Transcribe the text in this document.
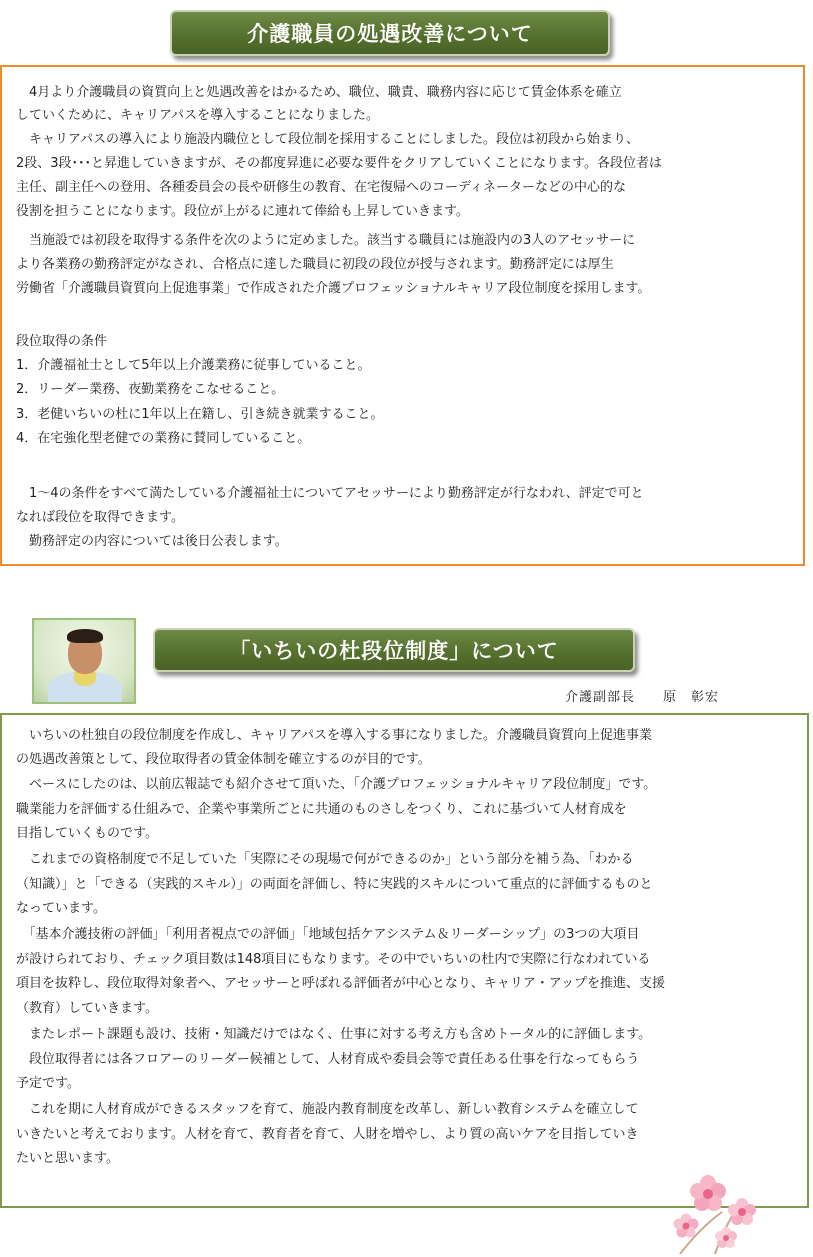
介護職員の処遇改善について
　4月より介護職員の資質向上と処遇改善をはかるため、職位、職責、職務内容に応じて賃金体系を確立
していくために、キャリアパスを導入することになりました。
　キャリアパスの導入により施設内職位として段位制を採用することにしました。段位は初段から始まり、
2段、3段･･･と昇進していきますが、その都度昇進に必要な要件をクリアしていくことになります。各段位者は
主任、副主任への登用、各種委員会の長や研修生の教育、在宅復帰へのコーディネーターなどの中心的な
役割を担うことになります。段位が上がるに連れて俸給も上昇していきます。
　当施設では初段を取得する条件を次のように定めました。該当する職員には施設内の3人のアセッサーに
より各業務の勤務評定がなされ、合格点に達した職員に初段の段位が授与されます。勤務評定には厚生
労働省「介護職員資質向上促進事業」で作成された介護プロフェッショナルキャリア段位制度を採用します。
段位取得の条件
1．介護福祉士として5年以上介護業務に従事していること。
2．リーダー業務、夜勤業務をこなせること。
3．老健いちいの杜に1年以上在籍し、引き続き就業すること。
4．在宅強化型老健での業務に賛同していること。
　1～4の条件をすべて満たしている介護福祉士についてアセッサーにより勤務評定が行なわれ、評定で可と
なれば段位を取得できます。
　勤務評定の内容については後日公表します。
「いちいの杜段位制度」について
介護副部長　　原　彰宏
　いちいの杜独自の段位制度を作成し、キャリアパスを導入する事になりました。介護職員資質向上促進事業
の処遇改善策として、段位取得者の賃金体制を確立するのが目的です。
　ベースにしたのは、以前広報誌でも紹介させて頂いた、「介護プロフェッショナルキャリア段位制度」です。
職業能力を評価する仕組みで、企業や事業所ごとに共通のものさしをつくり、これに基づいて人材育成を
目指していくものです。
　これまでの資格制度で不足していた「実際にその現場で何ができるのか」という部分を補う為、「わかる
（知識）」と「できる（実践的スキル）」の両面を評価し、特に実践的スキルについて重点的に評価するものと
なっています。
　「基本介護技術の評価」「利用者視点での評価」「地域包括ケアシステム＆リーダーシップ」の3つの大項目
が設けられており、チェック項目数は148項目にもなります。その中でいちいの杜内で実際に行なわれている
項目を抜粋し、段位取得対象者へ、アセッサーと呼ばれる評価者が中心となり、キャリア・アップを推進、支援
（教育）していきます。
　またレポート課題も設け、技術・知識だけではなく、仕事に対する考え方も含めトータル的に評価します。
　段位取得者には各フロアーのリーダー候補として、人材育成や委員会等で責任ある仕事を行なってもらう
予定です。
　これを期に人材育成ができるスタッフを育て、施設内教育制度を改革し、新しい教育システムを確立して
いきたいと考えております。人材を育て、教育者を育て、人財を増やし、より質の高いケアを目指していき
たいと思います。
